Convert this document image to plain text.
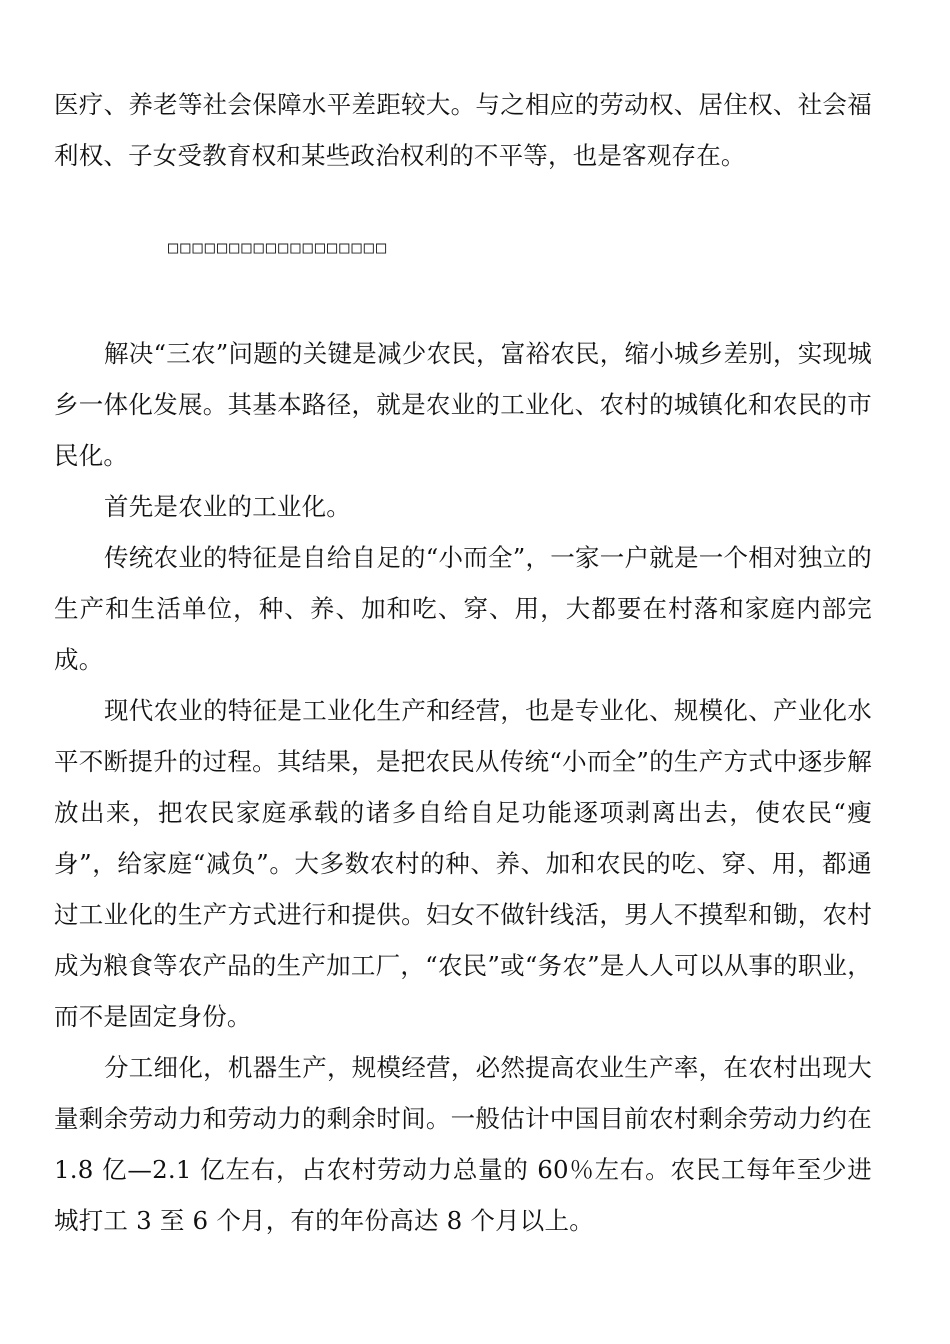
医疗、养老等社会保障水平差距较大。与之相应的劳动权、居住权、社会福利权、子女受教育权和某些政治权利的不平等，也是客观存在。

□□□□□□□□□□□□□□□□□□

解决“三农”问题的关键是减少农民，富裕农民，缩小城乡差别，实现城乡一体化发展。其基本路径，就是农业的工业化、农村的城镇化和农民的市民化。

首先是农业的工业化。

传统农业的特征是自给自足的“小而全”，一家一户就是一个相对独立的生产和生活单位，种、养、加和吃、穿、用，大都要在村落和家庭内部完成。

现代农业的特征是工业化生产和经营，也是专业化、规模化、产业化水平不断提升的过程。其结果，是把农民从传统“小而全”的生产方式中逐步解放出来，把农民家庭承载的诸多自给自足功能逐项剥离出去，使农民“瘦身”，给家庭“减负”。大多数农村的种、养、加和农民的吃、穿、用，都通过工业化的生产方式进行和提供。妇女不做针线活，男人不摸犁和锄，农村成为粮食等农产品的生产加工厂，“农民”或“务农”是人人可以从事的职业，而不是固定身份。

分工细化，机器生产，规模经营，必然提高农业生产率，在农村出现大量剩余劳动力和劳动力的剩余时间。一般估计中国目前农村剩余劳动力约在 1.8 亿—2.1 亿左右，占农村劳动力总量的 60％左右。农民工每年至少进城打工 3 至 6 个月，有的年份高达 8 个月以上。
